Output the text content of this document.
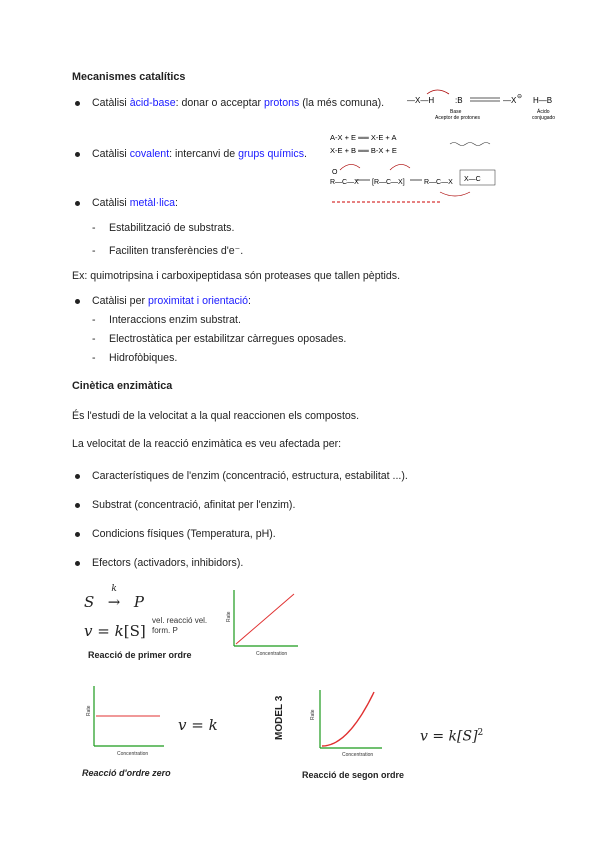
Mecanismes catalítics
Catàlisi àcid-base: donar o acceptar protons (la més comuna).	—X—H	:B	—X ⊖ H—B
Base
Aceptor de protones
Ácido
conjugado
Catàlisi covalent: intercanvi de grups químics.
A-X + E ══ X-E + A
X-E + B ══ B-X + E
O
R—C—X [R—C—X]	R—C—X X—C
Catàlisi metàl·lica:
- Estabilització de substrats.
- Faciliten transferències d'e⁻.
Ex: quimotripsina i carboxipeptidasa són proteases que tallen pèptids.
Catàlisi per proximitat i orientació:
- Interaccions enzim substrat.
- Electrostàtica per estabilitzar càrregues oposades.
- Hidrofòbiques.
Cinètica enzimàtica
És l'estudi de la velocitat a la qual reaccionen els compostos.
La velocitat de la reacció enzimàtica es veu afectada per:
Característiques de l'enzim (concentració, estructura, estabilitat ...).
Substrat (concentració, afinitat per l'enzim).
Condicions físiques (Temperatura, pH).
Efectors (activadors, inhibidors).
S
k
→ P
v = k[S]
vel. reacció vel.
form. P
Reacció de primer ordre
Rate
Concentration
Rate
Concentration
v = k
Reacció d'ordre zero
MODEL 3	Rate
Concentration
$v = k[S]^2$
Reacció de segon ordre
